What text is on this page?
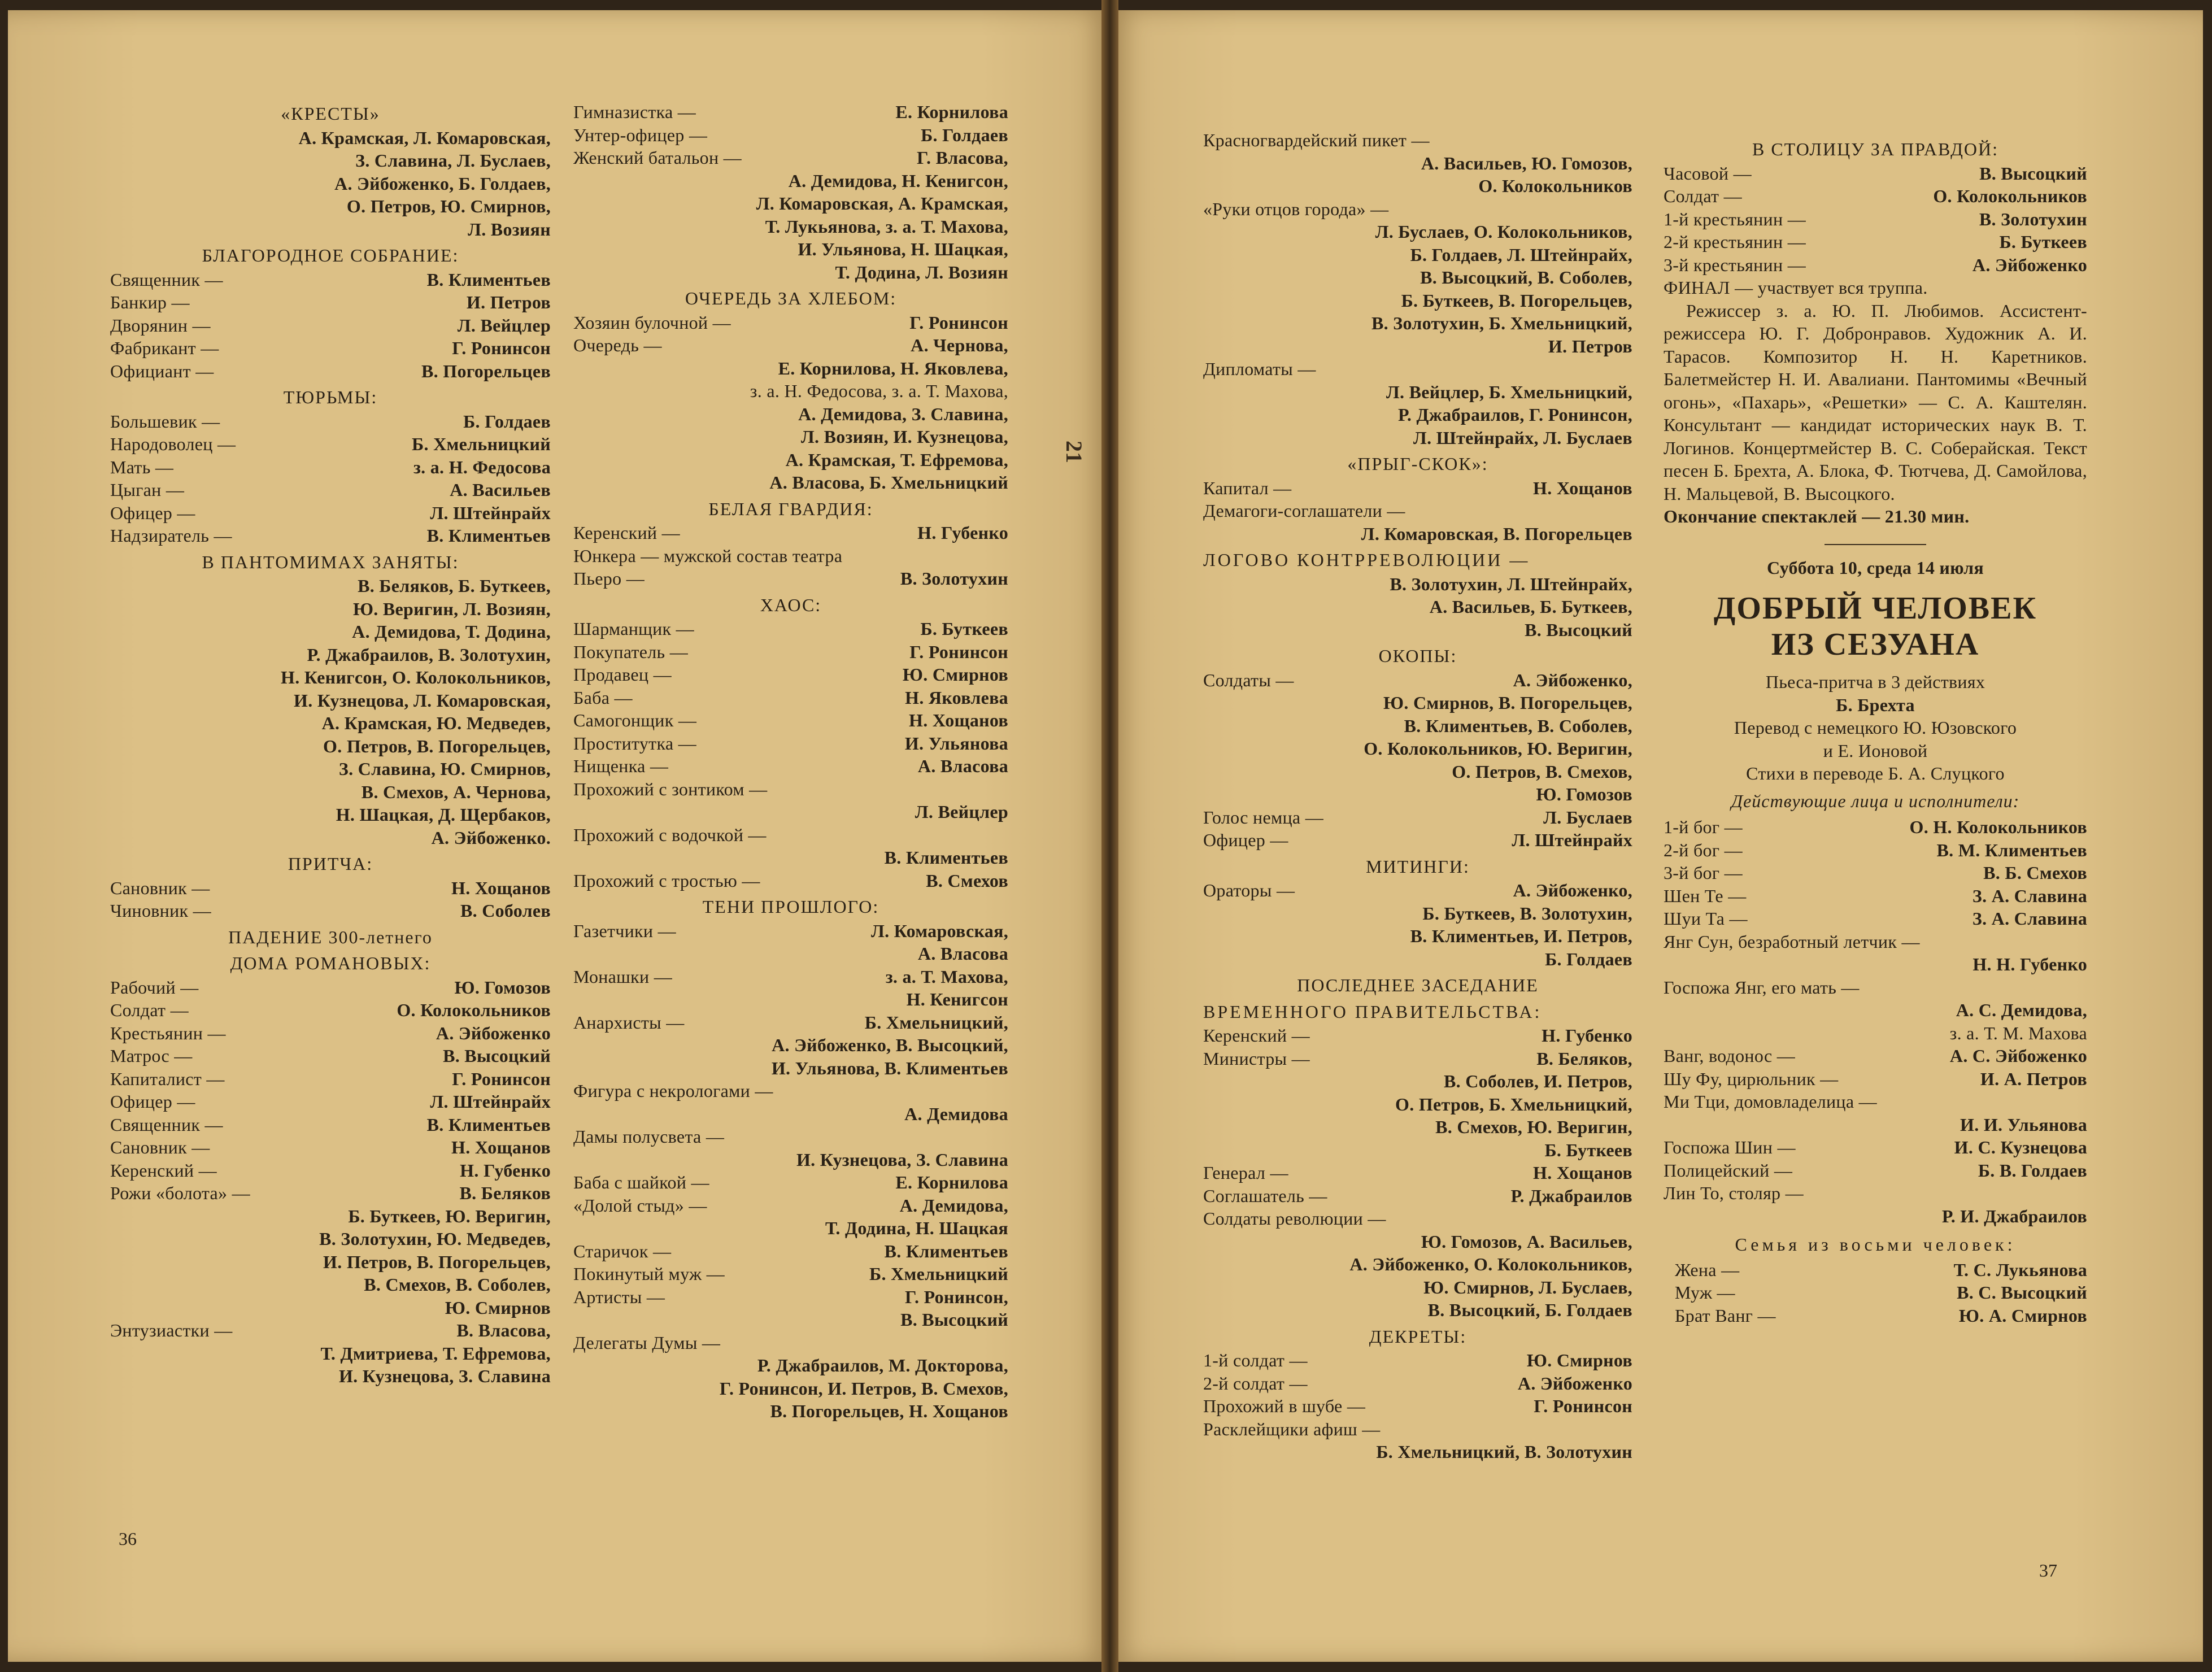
21
«КРЕСТЫ»
А. Крамская, Л. Комаровская,
З. Славина, Л. Буслаев,
А. Эйбоженко, Б. Голдаев,
О. Петров, Ю. Смирнов,
Л. Возиян
БЛАГОРОДНОЕ СОБРАНИЕ:
Священник —	В. Климентьев
Банкир —	И. Петров
Дворянин —	Л. Вейцлер
Фабрикант —	Г. Ронинсон
Официант —	В. Погорельцев
ТЮРЬМЫ:
Большевик —	Б. Голдаев
Народоволец —	Б. Хмельницкий
Мать —	з. а. Н. Федосова
Цыган —	А. Васильев
Офицер —	Л. Штейнрайх
Надзиратель —	В. Климентьев
В ПАНТОМИМАХ ЗАНЯТЫ:
В. Беляков, Б. Буткеев,
Ю. Веригин, Л. Возиян,
А. Демидова, Т. Додина,
Р. Джабраилов, В. Золотухин,
Н. Кенигсон, О. Колокольников,
И. Кузнецова, Л. Комаровская,
А. Крамская, Ю. Медведев,
О. Петров, В. Погорельцев,
З. Славина, Ю. Смирнов,
В. Смехов, А. Чернова,
Н. Шацкая, Д. Щербаков,
А. Эйбоженко.
ПРИТЧА:
Сановник —	Н. Хощанов
Чиновник —	В. Соболев
ПАДЕНИЕ 300-летнего
ДОМА РОМАНОВЫХ:
Рабочий —	Ю. Гомозов
Солдат —	О. Колокольников
Крестьянин —	А. Эйбоженко
Матрос —	В. Высоцкий
Капиталист —	Г. Ронинсон
Офицер —	Л. Штейнрайх
Священник —	В. Климентьев
Сановник —	Н. Хощанов
Керенский —	Н. Губенко
Рожи «болота» —	В. Беляков
Б. Буткеев, Ю. Веригин,
В. Золотухин, Ю. Медведев,
И. Петров, В. Погорельцев,
В. Смехов, В. Соболев,
Ю. Смирнов
Энтузиастки —	В. Власова,
Т. Дмитриева, Т. Ефремова,
И. Кузнецова, З. Славина
Гимназистка —	Е. Корнилова
Унтер-офицер —	Б. Голдаев
Женский батальон —	Г. Власова,
А. Демидова, Н. Кенигсон,
Л. Комаровская, А. Крамская,
Т. Лукьянова, з. а. Т. Махова,
И. Ульянова, Н. Шацкая,
Т. Додина, Л. Возиян
ОЧЕРЕДЬ ЗА ХЛЕБОМ:
Хозяин булочной —	Г. Ронинсон
Очередь —	А. Чернова,
Е. Корнилова, Н. Яковлева,
з. а. Н. Федосова, з. а. Т. Махова,
А. Демидова, З. Славина,
Л. Возиян, И. Кузнецова,
А. Крамская, Т. Ефремова,
А. Власова, Б. Хмельницкий
БЕЛАЯ ГВАРДИЯ:
Керенский —	Н. Губенко
Юнкера — мужской состав театра
Пьеро —	В. Золотухин
ХАОС:
Шарманщик —	Б. Буткеев
Покупатель —	Г. Ронинсон
Продавец —	Ю. Смирнов
Баба —	Н. Яковлева
Самогонщик —	Н. Хощанов
Проститутка —	И. Ульянова
Нищенка —	А. Власова
Прохожий с зонтиком —
Л. Вейцлер
Прохожий с водочкой —
В. Климентьев
Прохожий с тростью —	В. Смехов
ТЕНИ ПРОШЛОГО:
Газетчики —	Л. Комаровская,
А. Власова
Монашки —	з. а. Т. Махова,
Н. Кенигсон
Анархисты —	Б. Хмельницкий,
А. Эйбоженко, В. Высоцкий,
И. Ульянова, В. Климентьев
Фигура с некрологами —
А. Демидова
Дамы полусвета —
И. Кузнецова, З. Славина
Баба с шайкой —	Е. Корнилова
«Долой стыд» —	А. Демидова,
Т. Додина, Н. Шацкая
Старичок —	В. Климентьев
Покинутый муж —	Б. Хмельницкий
Артисты —	Г. Ронинсон,
В. Высоцкий
Делегаты Думы —
Р. Джабраилов, М. Докторова,
Г. Ронинсон, И. Петров, В. Смехов,
В. Погорельцев, Н. Хощанов
Красногвардейский пикет —
А. Васильев, Ю. Гомозов,
О. Колокольников
«Руки отцов города» —
Л. Буслаев, О. Колокольников,
Б. Голдаев, Л. Штейнрайх,
В. Высоцкий, В. Соболев,
Б. Буткеев, В. Погорельцев,
В. Золотухин, Б. Хмельницкий,
И. Петров
Дипломаты —
Л. Вейцлер, Б. Хмельницкий,
Р. Джабраилов, Г. Ронинсон,
Л. Штейнрайх, Л. Буслаев
«ПРЫГ-СКОК»:
Капитал —	Н. Хощанов
Демагоги-соглашатели —
Л. Комаровская, В. Погорельцев
ЛОГОВО КОНТРРЕВОЛЮЦИИ —
В. Золотухин, Л. Штейнрайх,
А. Васильев, Б. Буткеев,
В. Высоцкий
ОКОПЫ:
Солдаты —	А. Эйбоженко,
Ю. Смирнов, В. Погорельцев,
В. Климентьев, В. Соболев,
О. Колокольников, Ю. Веригин,
О. Петров, В. Смехов,
Ю. Гомозов
Голос немца —	Л. Буслаев
Офицер —	Л. Штейнрайх
МИТИНГИ:
Ораторы —	А. Эйбоженко,
Б. Буткеев, В. Золотухин,
В. Климентьев, И. Петров,
Б. Голдаев
ПОСЛЕДНЕЕ ЗАСЕДАНИЕ
ВРЕМЕННОГО ПРАВИТЕЛЬСТВА:
Керенский —	Н. Губенко
Министры —	В. Беляков,
В. Соболев, И. Петров,
О. Петров, Б. Хмельницкий,
В. Смехов, Ю. Веригин,
Б. Буткеев
Генерал —	Н. Хощанов
Соглашатель —	Р. Джабраилов
Солдаты революции —
Ю. Гомозов, А. Васильев,
А. Эйбоженко, О. Колокольников,
Ю. Смирнов, Л. Буслаев,
В. Высоцкий, Б. Голдаев
ДЕКРЕТЫ:
1-й солдат —	Ю. Смирнов
2-й солдат —	А. Эйбоженко
Прохожий в шубе —	Г. Ронинсон
Расклейщики афиш —
Б. Хмельницкий, В. Золотухин
В СТОЛИЦУ ЗА ПРАВДОЙ:
Часовой —	В. Высоцкий
Солдат —	О. Колокольников
1-й крестьянин —	В. Золотухин
2-й крестьянин —	Б. Буткеев
3-й крестьянин —	А. Эйбоженко
ФИНАЛ — участвует вся труппа.
Режиссер з. а. Ю. П. Любимов. Ассистент-режиссера Ю. Г. Добронравов. Художник А. И. Тарасов. Композитор Н. Н. Каретников. Балетмейстер Н. И. Авалиани. Пантомимы «Вечный огонь», «Пахарь», «Решетки» — С. А. Каштелян. Консультант — кандидат исторических наук В. Т. Логинов. Концертмейстер В. С. Соберайская. Текст песен Б. Брехта, А. Блока, Ф. Тютчева, Д. Самойлова, Н. Мальцевой, В. Высоцкого.
Окончание спектаклей — 21.30 мин.
Суббота 10, среда 14 июля
ДОБРЫЙ ЧЕЛОВЕК
ИЗ СЕЗУАНА
Пьеса-притча в 3 действиях
Б. Брехта
Перевод с немецкого Ю. Юзовского
и Е. Ионовой
Стихи в переводе Б. А. Слуцкого
Действующие лица и исполнители:
1-й бог —	О. Н. Колокольников
2-й бог —	В. М. Климентьев
3-й бог —	В. Б. Смехов
Шен Те —	З. А. Славина
Шуи Та —	З. А. Славина
Янг Сун, безработный летчик —
Н. Н. Губенко
Госпожа Янг, его мать —
А. С. Демидова,
з. а. Т. М. Махова
Ванг, водонос —	А. С. Эйбоженко
Шу Фу, цирюльник —	И. А. Петров
Ми Тци, домовладелица —
И. И. Ульянова
Госпожа Шин —	И. С. Кузнецова
Полицейский —	Б. В. Голдаев
Лин То, столяр —
Р. И. Джабраилов
Семья из восьми человек:
Жена —	Т. С. Лукьянова
Муж —	В. С. Высоцкий
Брат Ванг —	Ю. А. Смирнов
36
37
